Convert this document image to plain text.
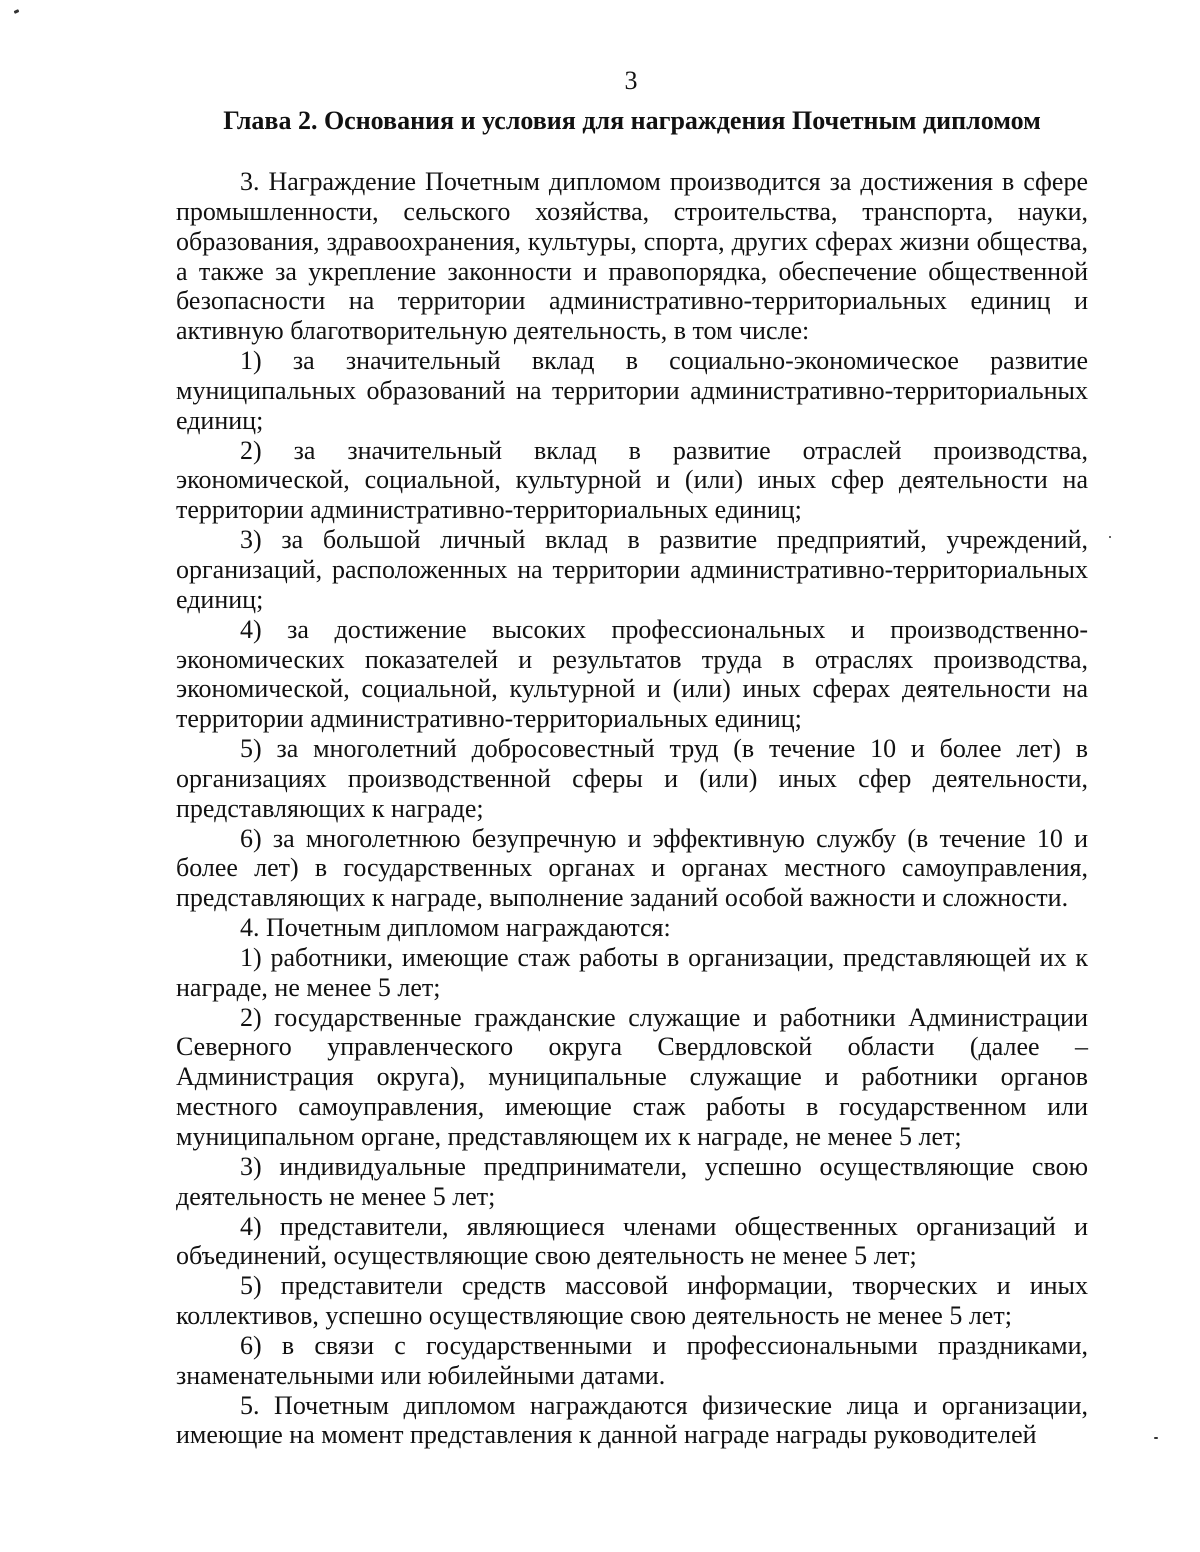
3
Глава 2. Основания и условия для награждения Почетным дипломом

3. Награждение Почетным дипломом производится за достижения в сфере промышленности, сельского хозяйства, строительства, транспорта, науки, образования, здравоохранения, культуры, спорта, других сферах жизни общества, а также за укрепление законности и правопорядка, обеспечение общественной безопасности на территории административно-территориальных единиц и активную благотворительную деятельность, в том числе:

1) за значительный вклад в социально-экономическое развитие муниципальных образований на территории административно-территориальных единиц;

2) за значительный вклад в развитие отраслей производства, экономической, социальной, культурной и (или) иных сфер деятельности на территории административно-территориальных единиц;

3) за большой личный вклад в развитие предприятий, учреждений, организаций, расположенных на территории административно-территориальных единиц;

4) за достижение высоких профессиональных и производственно-экономических показателей и результатов труда в отраслях производства, экономической, социальной, культурной и (или) иных сферах деятельности на территории административно-территориальных единиц;

5) за многолетний добросовестный труд (в течение 10 и более лет) в организациях производственной сферы и (или) иных сфер деятельности, представляющих к награде;

6) за многолетнюю безупречную и эффективную службу (в течение 10 и более лет) в государственных органах и органах местного самоуправления, представляющих к награде, выполнение заданий особой важности и сложности.

4. Почетным дипломом награждаются:

1) работники, имеющие стаж работы в организации, представляющей их к награде, не менее 5 лет;

2) государственные гражданские служащие и работники Администрации Северного управленческого округа Свердловской области (далее – Администрация округа), муниципальные служащие и работники органов местного самоуправления, имеющие стаж работы в государственном или муниципальном органе, представляющем их к награде, не менее 5 лет;

3) индивидуальные предприниматели, успешно осуществляющие свою деятельность не менее 5 лет;

4) представители, являющиеся членами общественных организаций и объединений, осуществляющие свою деятельность не менее 5 лет;

5) представители средств массовой информации, творческих и иных коллективов, успешно осуществляющие свою деятельность не менее 5 лет;

6) в связи с государственными и профессиональными праздниками, знаменательными или юбилейными датами.

5. Почетным дипломом награждаются физические лица и организации, имеющие на момент представления к данной награде награды руководителей
